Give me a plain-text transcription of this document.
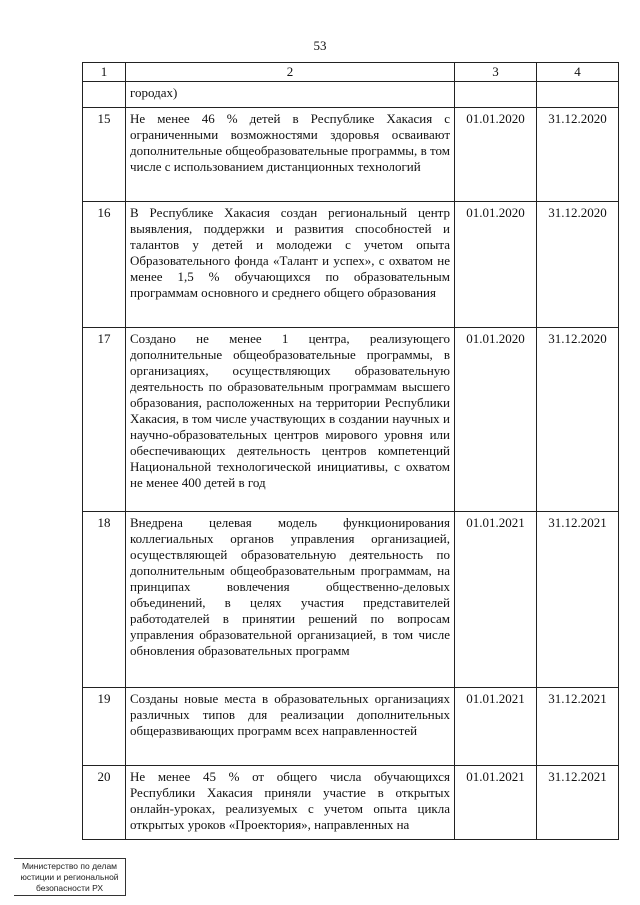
53
1	2	3	4
	городах)		
15	Не менее 46 % детей в Республике Хакасия с ограниченными возможностями здоровья осваивают дополнительные общеобразовательные программы, в том числе с использованием дистанционных технологий	01.01.2020	31.12.2020
16	В Республике Хакасия создан региональный центр выявления, поддержки и развития способностей и талантов у детей и молодежи с учетом опыта Образовательного фонда «Талант и успех», с охватом не менее 1,5 % обучающихся по образовательным программам основного и среднего общего образования	01.01.2020	31.12.2020
17	Создано не менее 1 центра, реализующего дополнительные общеобразовательные программы, в организациях, осуществляющих образовательную деятельность по образовательным программам высшего образования, расположенных на территории Республики Хакасия, в том числе участвующих в создании научных и научно-образовательных центров мирового уровня или обеспечивающих деятельность центров компетенций Национальной технологической инициативы, с охватом не менее 400 детей в год	01.01.2020	31.12.2020
18	Внедрена целевая модель функционирования коллегиальных органов управления организацией, осуществляющей образовательную деятельность по дополнительным общеобразовательным программам, на принципах вовлечения общественно-деловых объединений, в целях участия представителей работодателей в принятии решений по вопросам управления образовательной организацией, в том числе обновления образовательных программ	01.01.2021	31.12.2021
19	Созданы новые места в образовательных организациях различных типов для реализации дополнительных общеразвивающих программ всех направленностей	01.01.2021	31.12.2021
20	Не менее 45 % от общего числа обучающихся Республики Хакасия приняли участие в открытых онлайн-уроках, реализуемых с учетом опыта цикла открытых уроков «Проектория», направленных на	01.01.2021	31.12.2021
Министерство по делам
юстиции и региональной
безопасности РХ
